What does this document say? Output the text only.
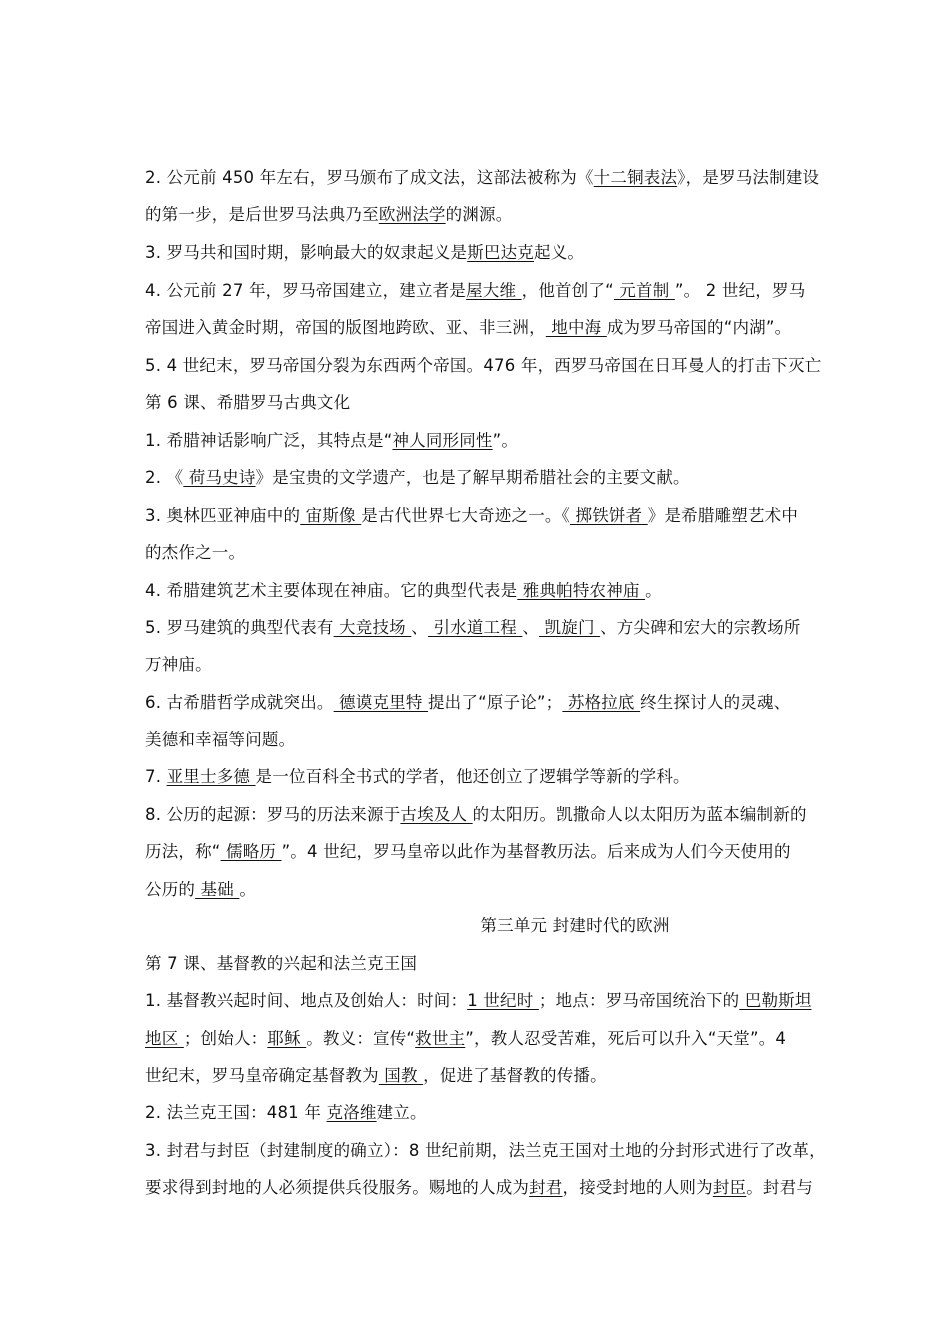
2. 公元前 450 年左右，罗马颁布了成文法，这部法被称为《十二铜表法》，是罗马法制建设
的第一步，是后世罗马法典乃至欧洲法学的渊源。
3. 罗马共和国时期，影响最大的奴隶起义是斯巴达克起义。
4. 公元前 27 年，罗马帝国建立，建立者是屋大维 ，他首创了“ 元首制 ”。 2 世纪，罗马
帝国进入黄金时期，帝国的版图地跨欧、亚、非三洲， 地中海 成为罗马帝国的“内湖”。
5. 4 世纪末，罗马帝国分裂为东西两个帝国。476 年，西罗马帝国在日耳曼人的打击下灭亡
第 6 课、希腊罗马古典文化
1. 希腊神话影响广泛，其特点是“神人同形同性”。
2. 《 荷马史诗》是宝贵的文学遗产，也是了解早期希腊社会的主要文献。
3. 奥林匹亚神庙中的 宙斯像 是古代世界七大奇迹之一。《 掷铁饼者 》是希腊雕塑艺术中
的杰作之一。
4. 希腊建筑艺术主要体现在神庙。它的典型代表是 雅典帕特农神庙 。
5. 罗马建筑的典型代表有 大竞技场 、 引水道工程 、 凯旋门 、方尖碑和宏大的宗教场所
万神庙。
6. 古希腊哲学成就突出。 德谟克里特 提出了“原子论”； 苏格拉底 终生探讨人的灵魂、
美德和幸福等问题。
7. 亚里士多德 是一位百科全书式的学者，他还创立了逻辑学等新的学科。
8. 公历的起源：罗马的历法来源于古埃及人 的太阳历。凯撒命人以太阳历为蓝本编制新的
历法，称“ 儒略历 ”。4 世纪，罗马皇帝以此作为基督教历法。后来成为人们今天使用的
公历的 基础 。
第三单元 封建时代的欧洲
第 7 课、基督教的兴起和法兰克王国
1. 基督教兴起时间、地点及创始人：时间：1 世纪时 ；地点：罗马帝国统治下的 巴勒斯坦
地区 ；创始人：耶稣 。教义：宣传“救世主”，教人忍受苦难，死后可以升入“天堂”。4
世纪末，罗马皇帝确定基督教为 国教 ，促进了基督教的传播。
2. 法兰克王国：481 年 克洛维建立。
3. 封君与封臣（封建制度的确立）：8 世纪前期，法兰克王国对土地的分封形式进行了改革，
要求得到封地的人必须提供兵役服务。赐地的人成为封君，接受封地的人则为封臣。封君与
